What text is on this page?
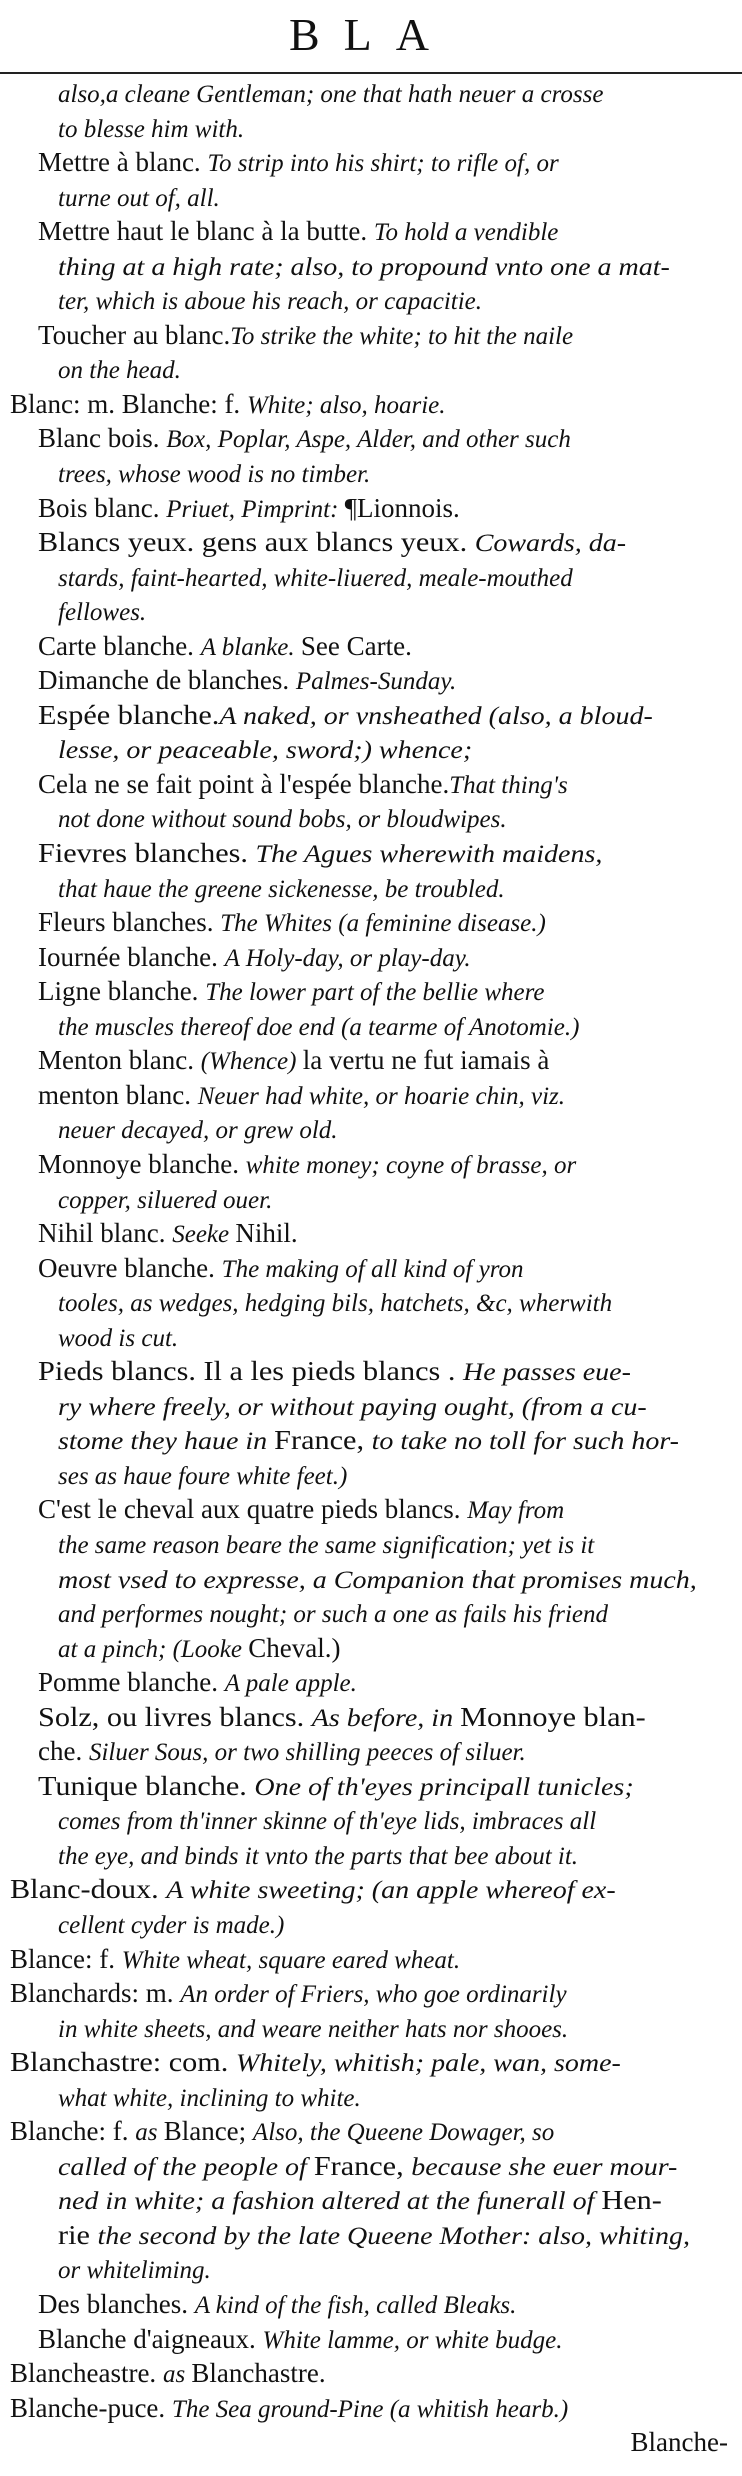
BLA
also,a cleane Gentleman; one that hath neuer a crosse
to blesse him with.
Mettre à blanc. To strip into his shirt; to rifle of, or
turne out of, all.
Mettre haut le blanc à la butte. To hold a vendible
thing at a high rate; also, to propound vnto one a mat-
ter, which is aboue his reach, or capacitie.
Toucher au blanc.To strike the white; to hit the naile
on the head.
Blanc: m. Blanche: f. White; also, hoarie.
Blanc bois. Box, Poplar, Aspe, Alder, and other such
trees, whose wood is no timber.
Bois blanc. Priuet, Pimprint: ¶Lionnois.
Blancs yeux. gens aux blancs yeux. Cowards, da-
stards, faint-hearted, white-liuered, meale-mouthed
fellowes.
Carte blanche. A blanke. See Carte.
Dimanche de blanches. Palmes-Sunday.
Espée blanche.A naked, or vnsheathed (also, a bloud-
lesse, or peaceable, sword;) whence;
Cela ne se fait point à l'espée blanche.That thing's
not done without sound bobs, or bloudwipes.
Fievres blanches. The Agues wherewith maidens,
that haue the greene sickenesse, be troubled.
Fleurs blanches. The Whites (a feminine disease.)
Iournée blanche. A Holy-day, or play-day.
Ligne blanche. The lower part of the bellie where
the muscles thereof doe end (a tearme of Anotomie.)
Menton blanc. (Whence) la vertu ne fut iamais à
menton blanc. Neuer had white, or hoarie chin, viz.
neuer decayed, or grew old.
Monnoye blanche. white money; coyne of brasse, or
copper, siluered ouer.
Nihil blanc. Seeke Nihil.
Oeuvre blanche. The making of all kind of yron
tooles, as wedges, hedging bils, hatchets, &c, wherwith
wood is cut.
Pieds blancs. Il a les pieds blancs . He passes eue-
ry where freely, or without paying ought, (from a cu-
stome they haue in France, to take no toll for such hor-
ses as haue foure white feet.)
C'est le cheval aux quatre pieds blancs. May from
the same reason beare the same signification; yet is it
most vsed to expresse, a Companion that promises much,
and performes nought; or such a one as fails his friend
at a pinch; (Looke Cheval.)
Pomme blanche. A pale apple.
Solz, ou livres blancs. As before, in Monnoye blan-
che. Siluer Sous, or two shilling peeces of siluer.
Tunique blanche. One of th'eyes principall tunicles;
comes from th'inner skinne of th'eye lids, imbraces all
the eye, and binds it vnto the parts that bee about it.
Blanc-doux. A white sweeting; (an apple whereof ex-
cellent cyder is made.)
Blance: f. White wheat, square eared wheat.
Blanchards: m. An order of Friers, who goe ordinarily
in white sheets, and weare neither hats nor shooes.
Blanchastre: com. Whitely, whitish; pale, wan, some-
what white, inclining to white.
Blanche: f. as Blance; Also, the Queene Dowager, so
called of the people of France, because she euer mour-
ned in white; a fashion altered at the funerall of Hen-
rie the second by the late Queene Mother: also, whiting,
or whiteliming.
Des blanches. A kind of the fish, called Bleaks.
Blanche d'aigneaux. White lamme, or white budge.
Blancheastre. as Blanchastre.
Blanche-puce. The Sea ground-Pine (a whitish hearb.)
Blanche-
